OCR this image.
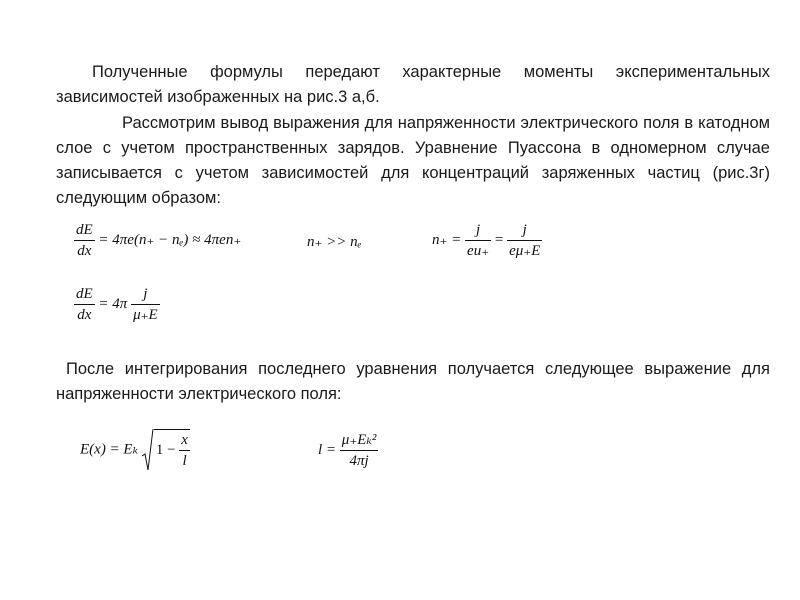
Полученные формулы передают характерные моменты экспериментальных зависимостей изображенных на рис.3 а,б.

Рассмотрим вывод выражения для напряженности электрического поля в катодном слое с учетом пространственных зарядов. Уравнение Пуассона в одномерном случае записывается с учетом зависимостей для концентраций заряженных частиц (рис.3г) следующим образом:

$\frac{dE}{dx} = 4\pi e(n_+ - n_e) \approx 4\pi en_+$	n₊ >> nₑ	$n_+ = \frac{j}{eu_+} = \frac{j}{e\mu_+E}$
$\frac{dE}{dx} = 4\pi \frac{j}{\mu_+E}$

После интегрирования последнего уравнения получается следующее выражение для напряженности электрического поля:

E(x) = Eₖ $1 - \frac{x}{l}$	$l = \frac{\text{μ₊Eₖ²}}{4\pi j}$
